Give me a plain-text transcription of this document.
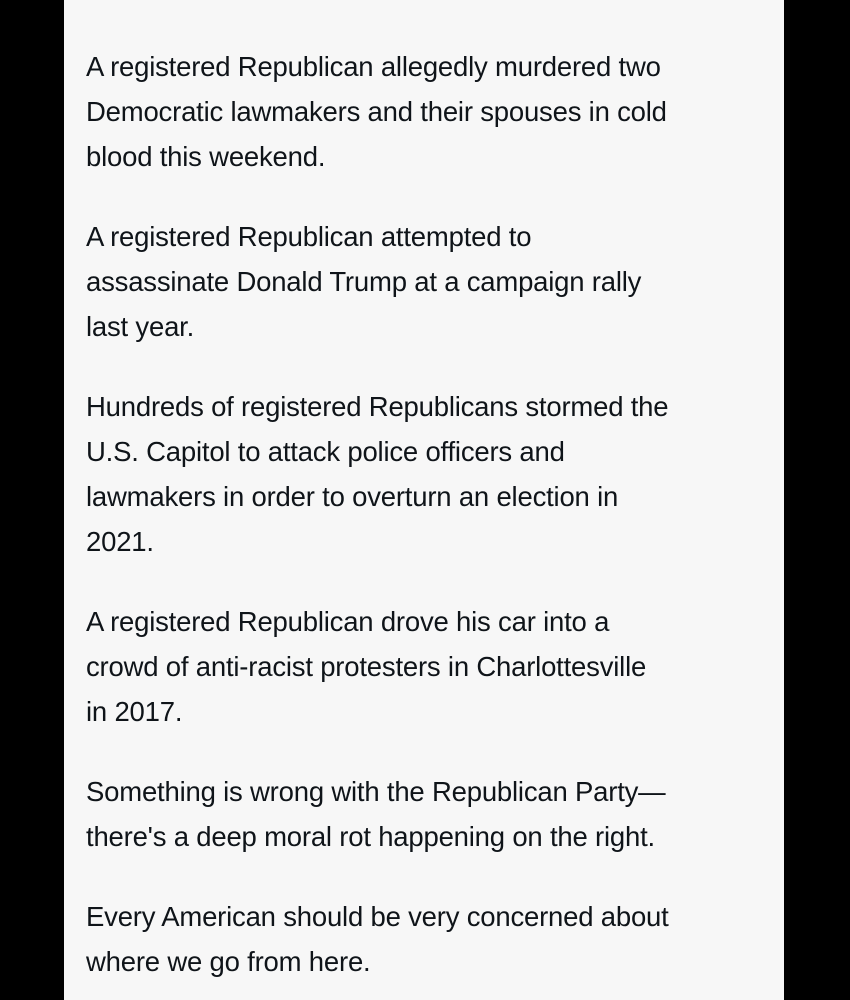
A registered Republican allegedly murdered two
Democratic lawmakers and their spouses in cold
blood this weekend.

A registered Republican attempted to
assassinate Donald Trump at a campaign rally
last year.

Hundreds of registered Republicans stormed the
U.S. Capitol to attack police officers and
lawmakers in order to overturn an election in
2021.

A registered Republican drove his car into a
crowd of anti-racist protesters in Charlottesville
in 2017.

Something is wrong with the Republican Party—
there's a deep moral rot happening on the right.

Every American should be very concerned about
where we go from here.
